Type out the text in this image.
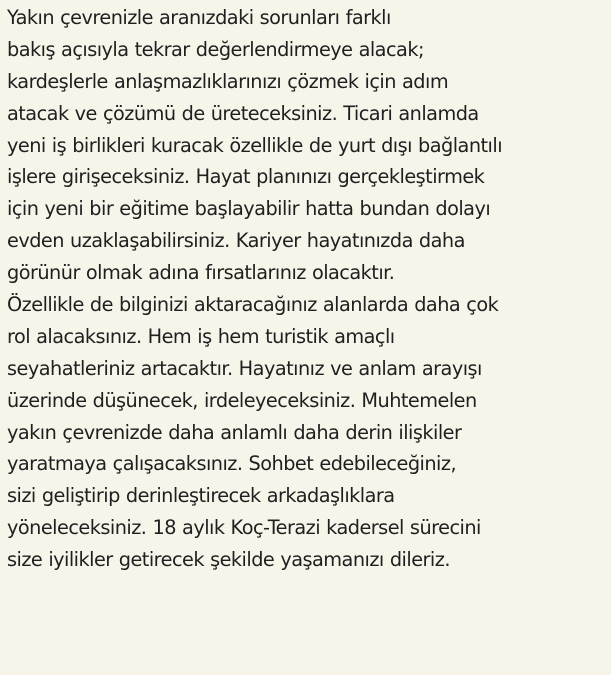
Yakın çevrenizle aranızdaki sorunları farklı
bakış açısıyla tekrar değerlendirmeye alacak;
kardeşlerle anlaşmazlıklarınızı çözmek için adım
atacak ve çözümü de üreteceksiniz. Ticari anlamda
yeni iş birlikleri kuracak özellikle de yurt dışı bağlantılı
işlere girişeceksiniz. Hayat planınızı gerçekleştirmek
için yeni bir eğitime başlayabilir hatta bundan dolayı
evden uzaklaşabilirsiniz. Kariyer hayatınızda daha
görünür olmak adına fırsatlarınız olacaktır.
Özellikle de bilginizi aktaracağınız alanlarda daha çok
rol alacaksınız. Hem iş hem turistik amaçlı
seyahatleriniz artacaktır. Hayatınız ve anlam arayışı
üzerinde düşünecek, irdeleyeceksiniz. Muhtemelen
yakın çevrenizde daha anlamlı daha derin ilişkiler
yaratmaya çalışacaksınız. Sohbet edebileceğiniz,
sizi geliştirip derinleştirecek arkadaşlıklara
yöneleceksiniz. 18 aylık Koç-Terazi kadersel sürecini
size iyilikler getirecek şekilde yaşamanızı dileriz.
